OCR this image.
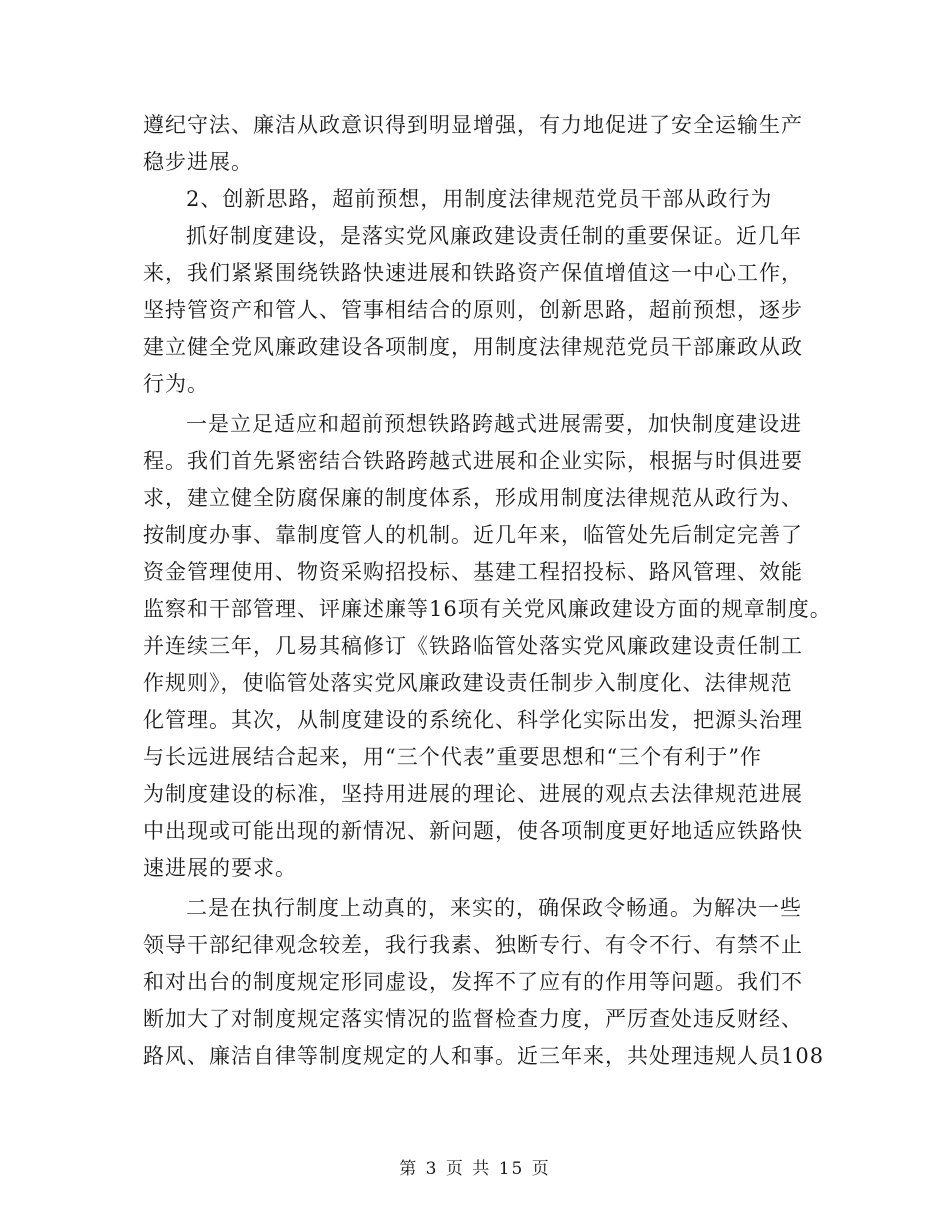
遵纪守法、廉洁从政意识得到明显增强，有力地促进了安全运输生产
稳步进展。
2、创新思路，超前预想，用制度法律规范党员干部从政行为
抓好制度建设，是落实党风廉政建设责任制的重要保证。近几年
来，我们紧紧围绕铁路快速进展和铁路资产保值增值这一中心工作，
坚持管资产和管人、管事相结合的原则，创新思路，超前预想，逐步
建立健全党风廉政建设各项制度，用制度法律规范党员干部廉政从政
行为。
一是立足适应和超前预想铁路跨越式进展需要，加快制度建设进
程。我们首先紧密结合铁路跨越式进展和企业实际，根据与时俱进要
求，建立健全防腐保廉的制度体系，形成用制度法律规范从政行为、
按制度办事、靠制度管人的机制。近几年来，临管处先后制定完善了
资金管理使用、物资采购招投标、基建工程招投标、路风管理、效能
监察和干部管理、评廉述廉等16项有关党风廉政建设方面的规章制度。
并连续三年，几易其稿修订《铁路临管处落实党风廉政建设责任制工
作规则》，使临管处落实党风廉政建设责任制步入制度化、法律规范
化管理。其次，从制度建设的系统化、科学化实际出发，把源头治理
与长远进展结合起来，用“三个代表”重要思想和“三个有利于”作
为制度建设的标准，坚持用进展的理论、进展的观点去法律规范进展
中出现或可能出现的新情况、新问题，使各项制度更好地适应铁路快
速进展的要求。
二是在执行制度上动真的，来实的，确保政令畅通。为解决一些
领导干部纪律观念较差，我行我素、独断专行、有令不行、有禁不止
和对出台的制度规定形同虚设，发挥不了应有的作用等问题。我们不
断加大了对制度规定落实情况的监督检查力度，严厉查处违反财经、
路风、廉洁自律等制度规定的人和事。近三年来，共处理违规人员108
第 3 页 共 15 页
